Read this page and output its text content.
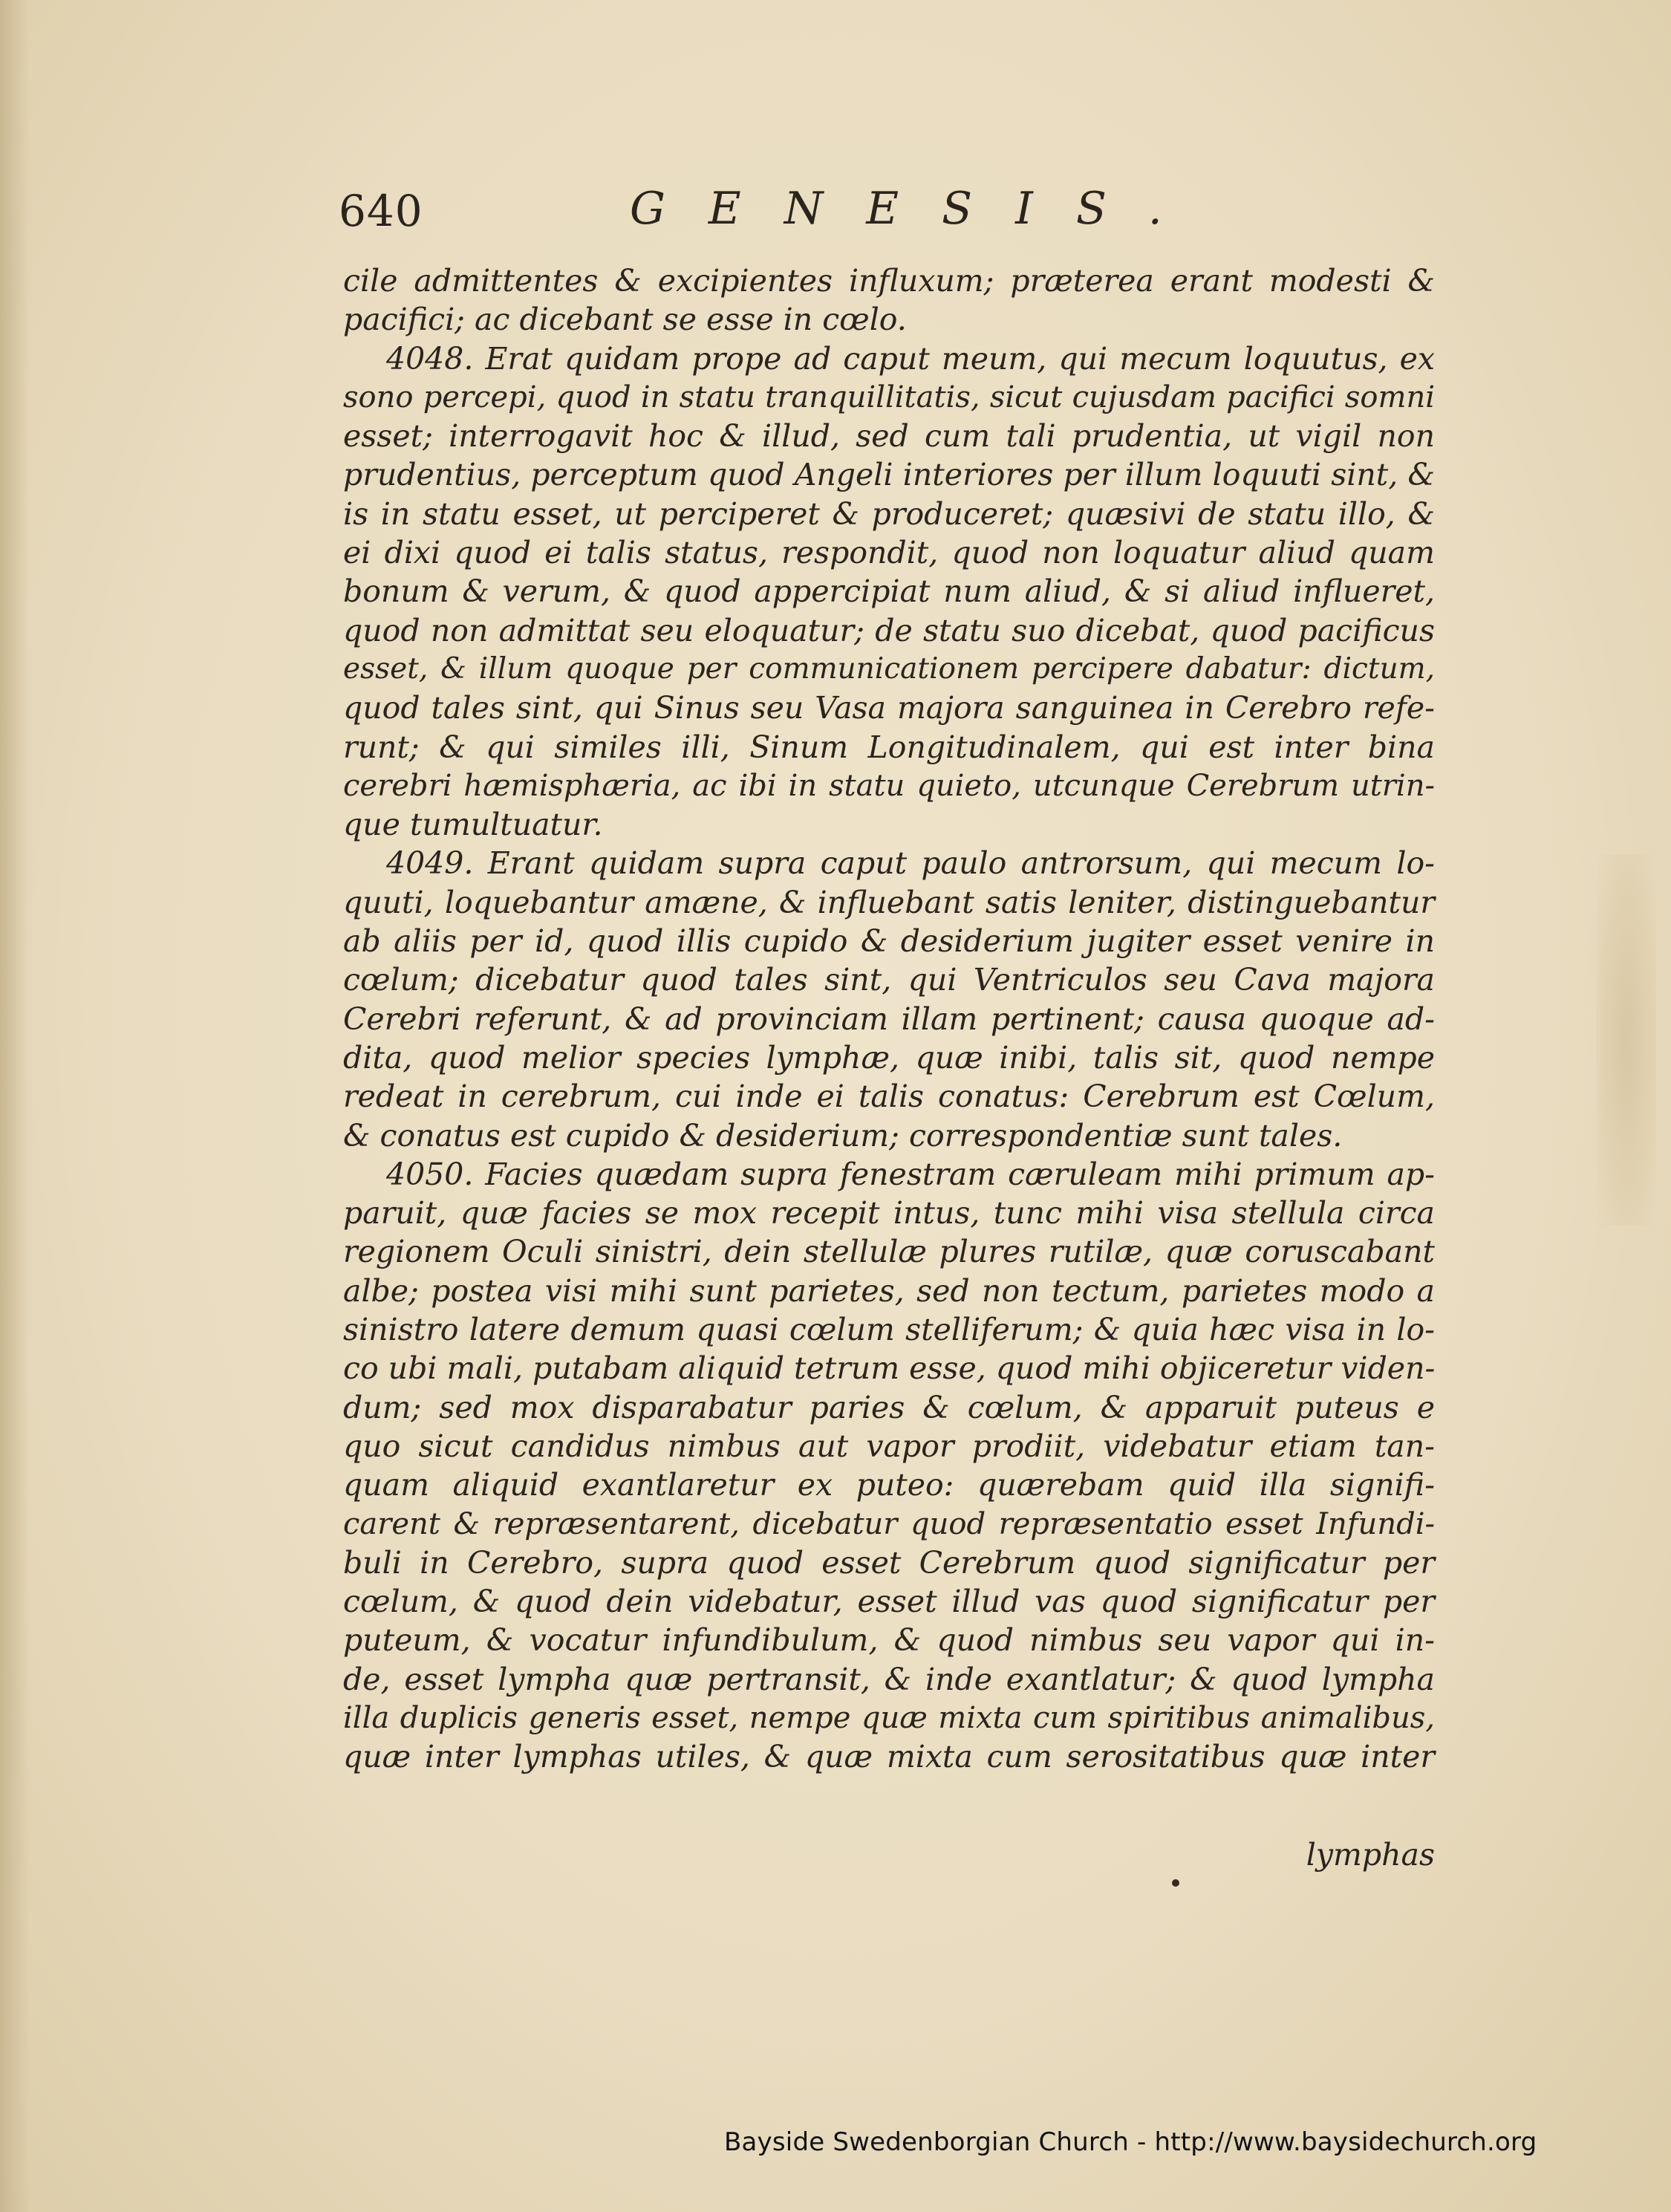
640	GENESIS.
cile admittentes & excipientes influxum; præterea erant modesti &
pacifici; ac dicebant se esse in cœlo.
4048. Erat quidam prope ad caput meum, qui mecum loquutus, ex
sono percepi, quod in statu tranquillitatis, sicut cujusdam pacifici somni
esset; interrogavit hoc & illud, sed cum tali prudentia, ut vigil non
prudentius, perceptum quod Angeli interiores per illum loquuti sint, &
is in statu esset, ut perciperet & produceret; quæsivi de statu illo, &
ei dixi quod ei talis status, respondit, quod non loquatur aliud quam
bonum & verum, & quod appercipiat num aliud, & si aliud influeret,
quod non admittat seu eloquatur; de statu suo dicebat, quod pacificus
esset, & illum quoque per communicationem percipere dabatur: dictum,
quod tales sint, qui Sinus seu Vasa majora sanguinea in Cerebro refe-
runt; & qui similes illi, Sinum Longitudinalem, qui est inter bina
cerebri hæmisphæria, ac ibi in statu quieto, utcunque Cerebrum utrin-
que tumultuatur.
4049. Erant quidam supra caput paulo antrorsum, qui mecum lo-
quuti, loquebantur amæne, & influebant satis leniter, distinguebantur
ab aliis per id, quod illis cupido & desiderium jugiter esset venire in
cœlum; dicebatur quod tales sint, qui Ventriculos seu Cava majora
Cerebri referunt, & ad provinciam illam pertinent; causa quoque ad-
dita, quod melior species lymphæ, quæ inibi, talis sit, quod nempe
redeat in cerebrum, cui inde ei talis conatus: Cerebrum est Cœlum,
& conatus est cupido & desiderium; correspondentiæ sunt tales.
4050. Facies quædam supra fenestram cæruleam mihi primum ap-
paruit, quæ facies se mox recepit intus, tunc mihi visa stellula circa
regionem Oculi sinistri, dein stellulæ plures rutilæ, quæ coruscabant
albe; postea visi mihi sunt parietes, sed non tectum, parietes modo a
sinistro latere demum quasi cœlum stelliferum; & quia hæc visa in lo-
co ubi mali, putabam aliquid tetrum esse, quod mihi objiceretur viden-
dum; sed mox disparabatur paries & cœlum, & apparuit puteus e
quo sicut candidus nimbus aut vapor prodiit, videbatur etiam tan-
quam aliquid exantlaretur ex puteo: quærebam quid illa signifi-
carent & repræsentarent, dicebatur quod repræsentatio esset Infundi-
buli in Cerebro, supra quod esset Cerebrum quod significatur per
cœlum, & quod dein videbatur, esset illud vas quod significatur per
puteum, & vocatur infundibulum, & quod nimbus seu vapor qui in-
de, esset lympha quæ pertransit, & inde exantlatur; & quod lympha
illa duplicis generis esset, nempe quæ mixta cum spiritibus animalibus,
quæ inter lymphas utiles, & quæ mixta cum serositatibus quæ inter
lymphas
Bayside Swedenborgian Church - http://www.baysidechurch.org
